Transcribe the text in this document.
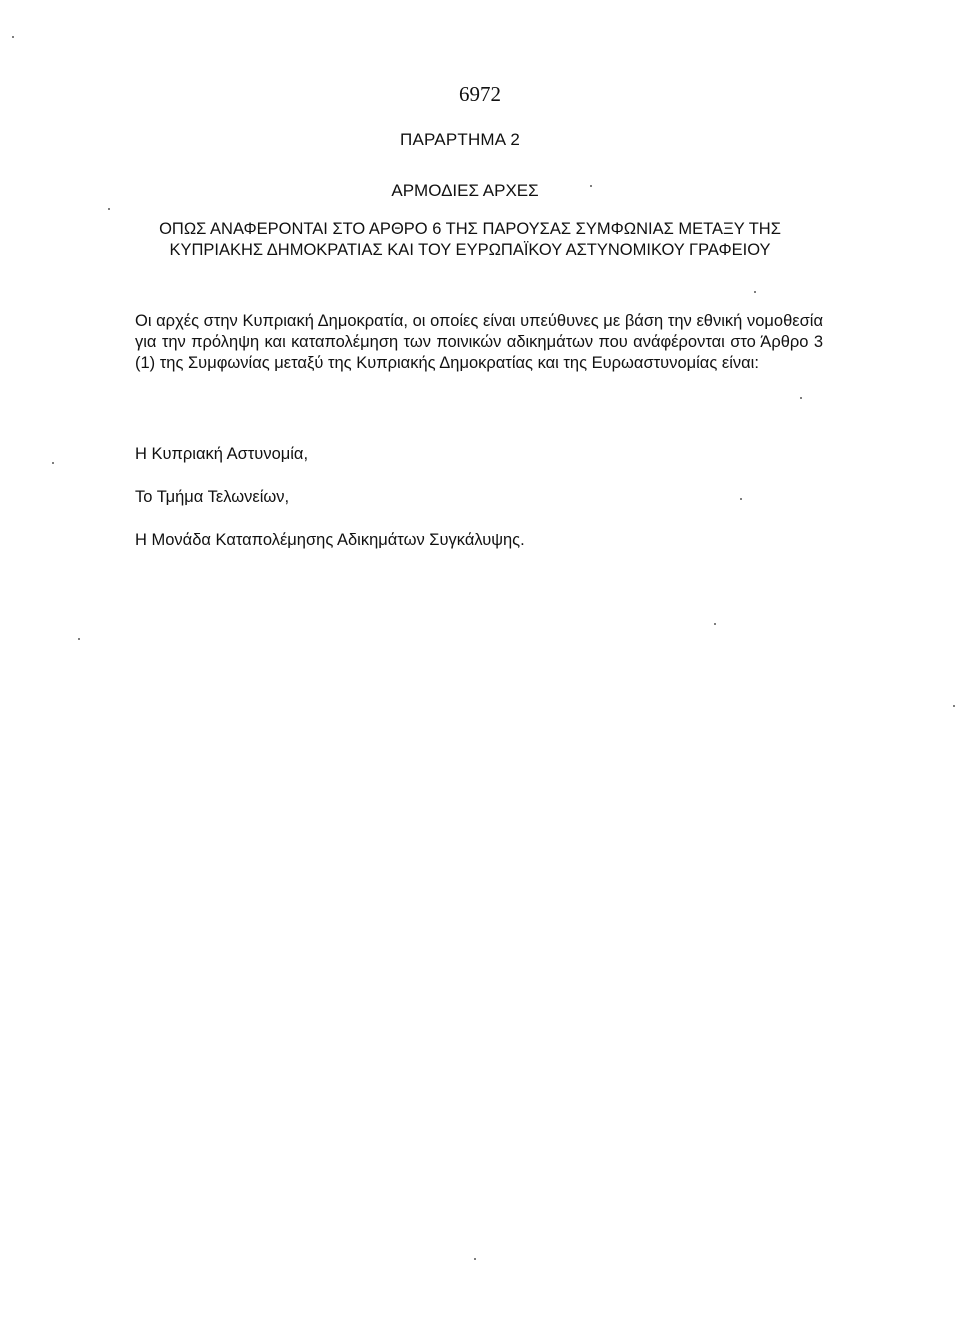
6972
ΠΑΡΑΡΤΗΜΑ 2
ΑΡΜΟΔΙΕΣ ΑΡΧΕΣ
ΟΠΩΣ ΑΝΑΦΕΡΟΝΤΑΙ ΣΤΟ ΑΡΘΡΟ 6 ΤΗΣ ΠΑΡΟΥΣΑΣ ΣΥΜΦΩΝΙΑΣ ΜΕΤΑΞΥ ΤΗΣ
ΚΥΠΡΙΑΚΗΣ ΔΗΜΟΚΡΑΤΙΑΣ ΚΑΙ ΤΟΥ ΕΥΡΩΠΑΪΚΟΥ ΑΣΤΥΝΟΜΙΚΟΥ ΓΡΑΦΕΙΟΥ
Οι αρχές στην Κυπριακή Δημοκρατία, οι οποίες είναι υπεύθυνες με βάση την εθνική νομοθεσία για την πρόληψη και καταπολέμηση των ποινικών αδικημάτων που ανάφέρονται στο Άρθρο 3 (1) της Συμφωνίας μεταξύ της Κυπριακής Δημοκρατίας και της Ευρωαστυνομίας είναι:
Η Κυπριακή Αστυνομία,
Το Τμήμα Τελωνείων,
Η Μονάδα Καταπολέμησης Αδικημάτων Συγκάλυψης.
